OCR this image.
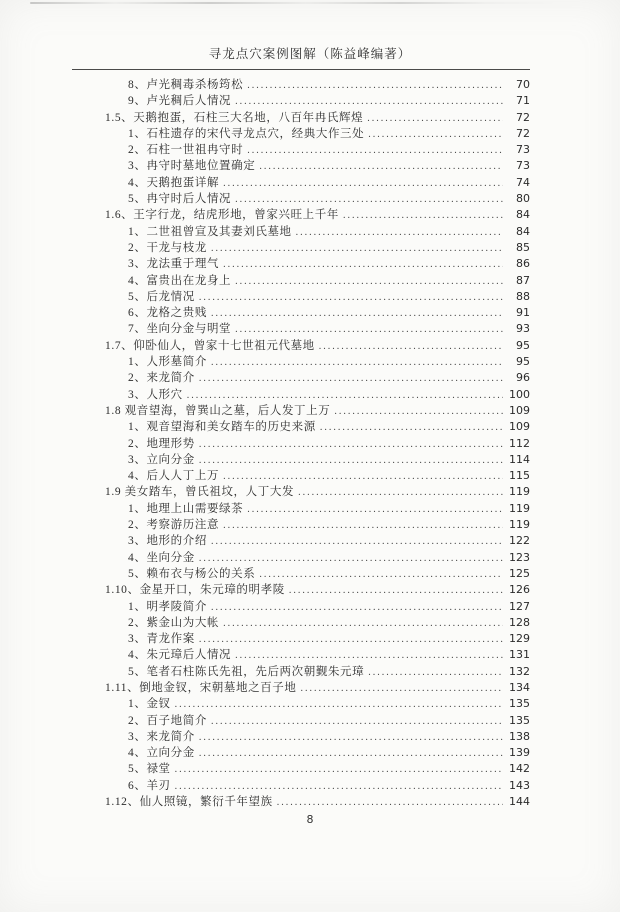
寻龙点穴案例图解（陈益峰编著）
8、卢光稠毒杀杨筠松 .....	70
9、卢光稠后人情况 .....	71
1.5、天鹅抱蛋，石柱三大名地，八百年冉氏辉煌 .....	72
1、石柱遗存的宋代寻龙点穴，经典大作三处 .....	72
2、石柱一世祖冉守时 .....	73
3、冉守时墓地位置确定 .....	73
4、天鹅抱蛋详解 .....	74
5、冉守时后人情况 .....	80
1.6、王字行龙，结虎形地，曾家兴旺上千年 .....	84
1、二世祖曾宣及其妻刘氏墓地 .....	84
2、干龙与枝龙 .....	85
3、龙法重于理气 .....	86
4、富贵出在龙身上 .....	87
5、后龙情况 .....	88
6、龙格之贵贱 .....	91
7、坐向分金与明堂 .....	93
1.7、仰卧仙人，曾家十七世祖元代墓地 .....	95
1、人形墓简介 .....	95
2、来龙简介 .....	96
3、人形穴 .....	100
1.8 观音望海，曾巽山之墓，后人发丁上万 .....	109
1、观音望海和美女踏车的历史来源 .....	109
2、地理形势 .....	112
3、立向分金 .....	114
4、后人人丁上万 .....	115
1.9 美女踏车，曾氏祖坟，人丁大发 .....	119
1、地理上山需要绿茶 .....	119
2、考察游历注意 .....	119
3、地形的介绍 .....	122
4、坐向分金 .....	123
5、赖布衣与杨公的关系 .....	125
1.10、金星开口，朱元璋的明孝陵 .....	126
1、明孝陵简介 .....	127
2、紫金山为大帐 .....	128
3、青龙作案 .....	129
4、朱元璋后人情况 .....	131
5、笔者石柱陈氏先祖，先后两次朝觐朱元璋 .....	132
1.11、倒地金钗，宋朝墓地之百子地 .....	134
1、金钗 .....	135
2、百子地简介 .....	135
3、来龙简介 .....	138
4、立向分金 .....	139
5、禄堂 .....	142
6、羊刃 .....	143
1.12、仙人照镜，繁衍千年望族 .....	144
8
